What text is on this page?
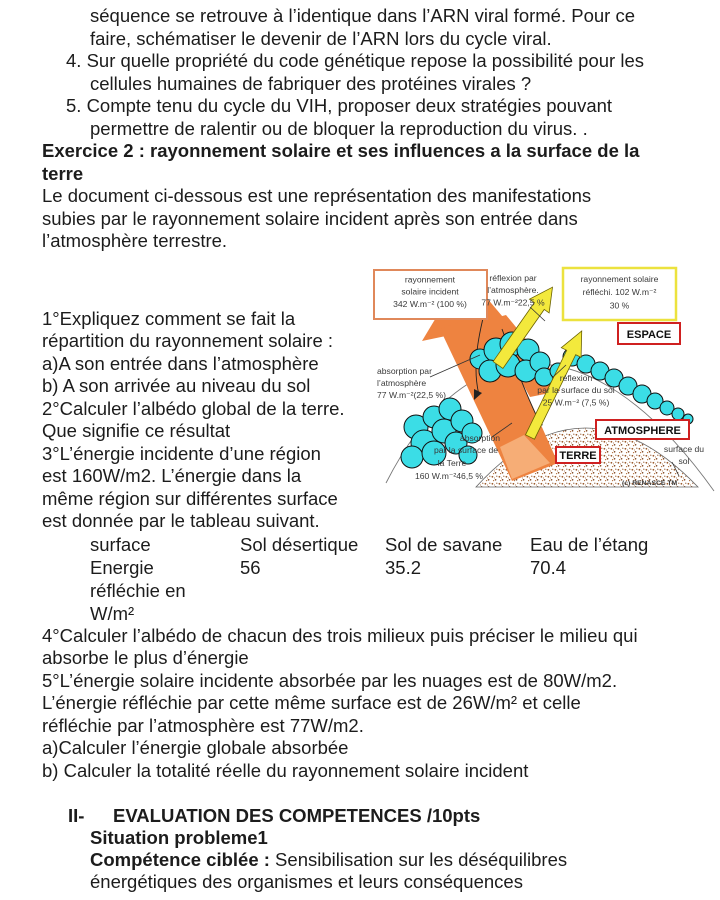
séquence se retrouve à l’identique dans l’ARN viral formé. Pour ce
faire, schématiser le devenir de l’ARN lors du cycle viral.
4. Sur quelle propriété du code génétique repose la possibilité pour les
cellules humaines de fabriquer des protéines virales ?
5. Compte tenu du cycle du VIH, proposer deux stratégies pouvant
permettre de ralentir ou de bloquer la reproduction du virus. .
Exercice 2 : rayonnement solaire et ses influences a la surface de la
terre
Le document ci-dessous est une représentation des manifestations
subies par le rayonnement solaire incident après son entrée dans
l’atmosphère terrestre.
1°Expliquez comment se fait la
répartition du rayonnement solaire :
a)A son entrée dans l’atmosphère
b) A son arrivée au niveau du sol
2°Calculer l’albédo global de la terre.
Que signifie ce résultat
3°L’énergie incidente d’une région
est 160W/m2. L’énergie dans la
même région sur différentes surface
est donnée par le tableau suivant.
rayonnement
solaire incident
342 W.m⁻² (100 %)
réflexion par
l’atmosphère.
77 W.m⁻²22,5 %
rayonnement solaire
réfléchi. 102 W.m⁻²
30 %
ESPACE
absorption par
l’atmosphère
77 W.m⁻²(22,5 %)
réflexion
par la surface du sol
25 W.m⁻² (7,5 %)
ATMOSPHERE
TERRE
surface du
sol
absorption
par la surface de
la Terre
160 W.m⁻²46,5 %
(c) RENASCE TM
surface	Sol désertique	Sol de savane	Eau de l’étang
Energie
réfléchie en
W/m²
56	35.2	70.4
4°Calculer l’albédo de chacun des trois milieux puis préciser le milieu qui
absorbe le plus d’énergie
5°L’énergie solaire incidente absorbée par les nuages est de 80W/m2.
L’énergie réfléchie par cette même surface est de 26W/m² et celle
réfléchie par l’atmosphère est 77W/m2.
a)Calculer l’énergie globale absorbée
b) Calculer la totalité réelle du rayonnement solaire incident
II- EVALUATION DES COMPETENCES /10pts
Situation probleme1
Compétence ciblée : Sensibilisation sur les déséquilibres
énergétiques des organismes et leurs conséquences
